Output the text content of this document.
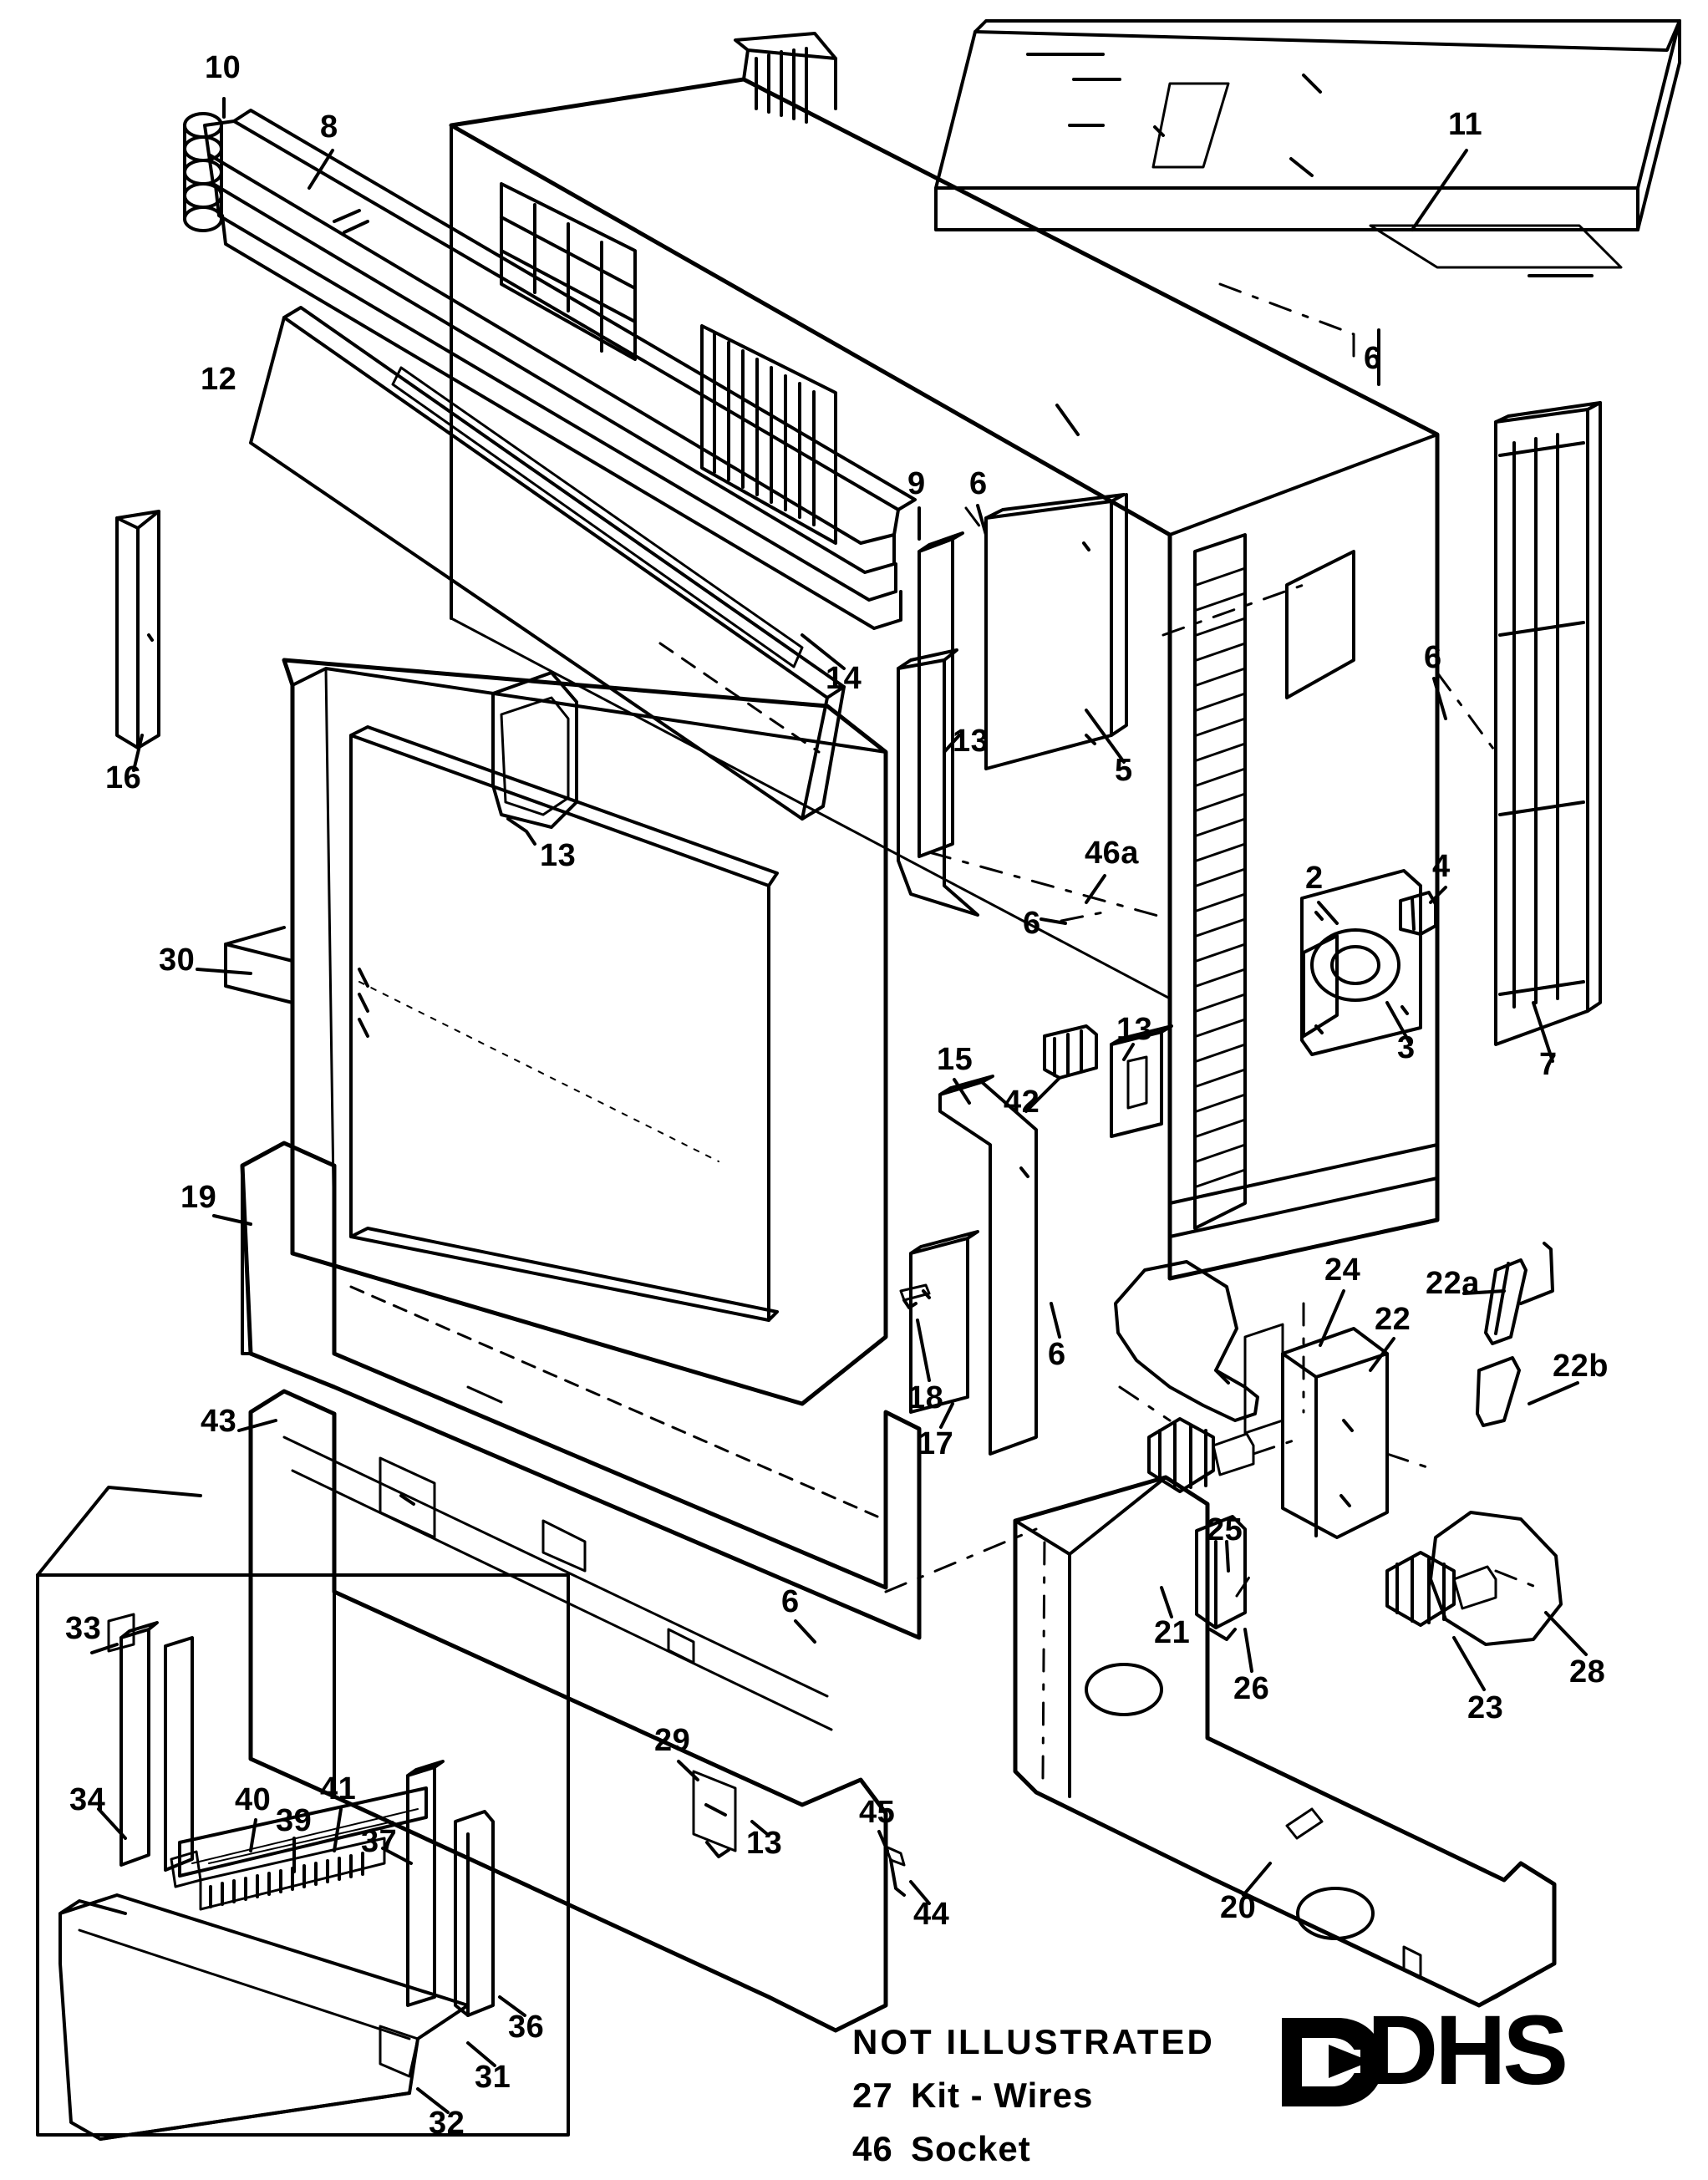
10
8	11
6
12
9 6
14
13
5
16
6
13	46a
2	4
6
30
13
3	7
15
42
19
6
18
17
24
22
22a
22b
43
25
21
26
23
28
6
33
34	40
39
41
37
29
13
45
44	20
36
31
32
NOT ILLUSTRATED
27 Kit - Wires
46 Socket
DHS
